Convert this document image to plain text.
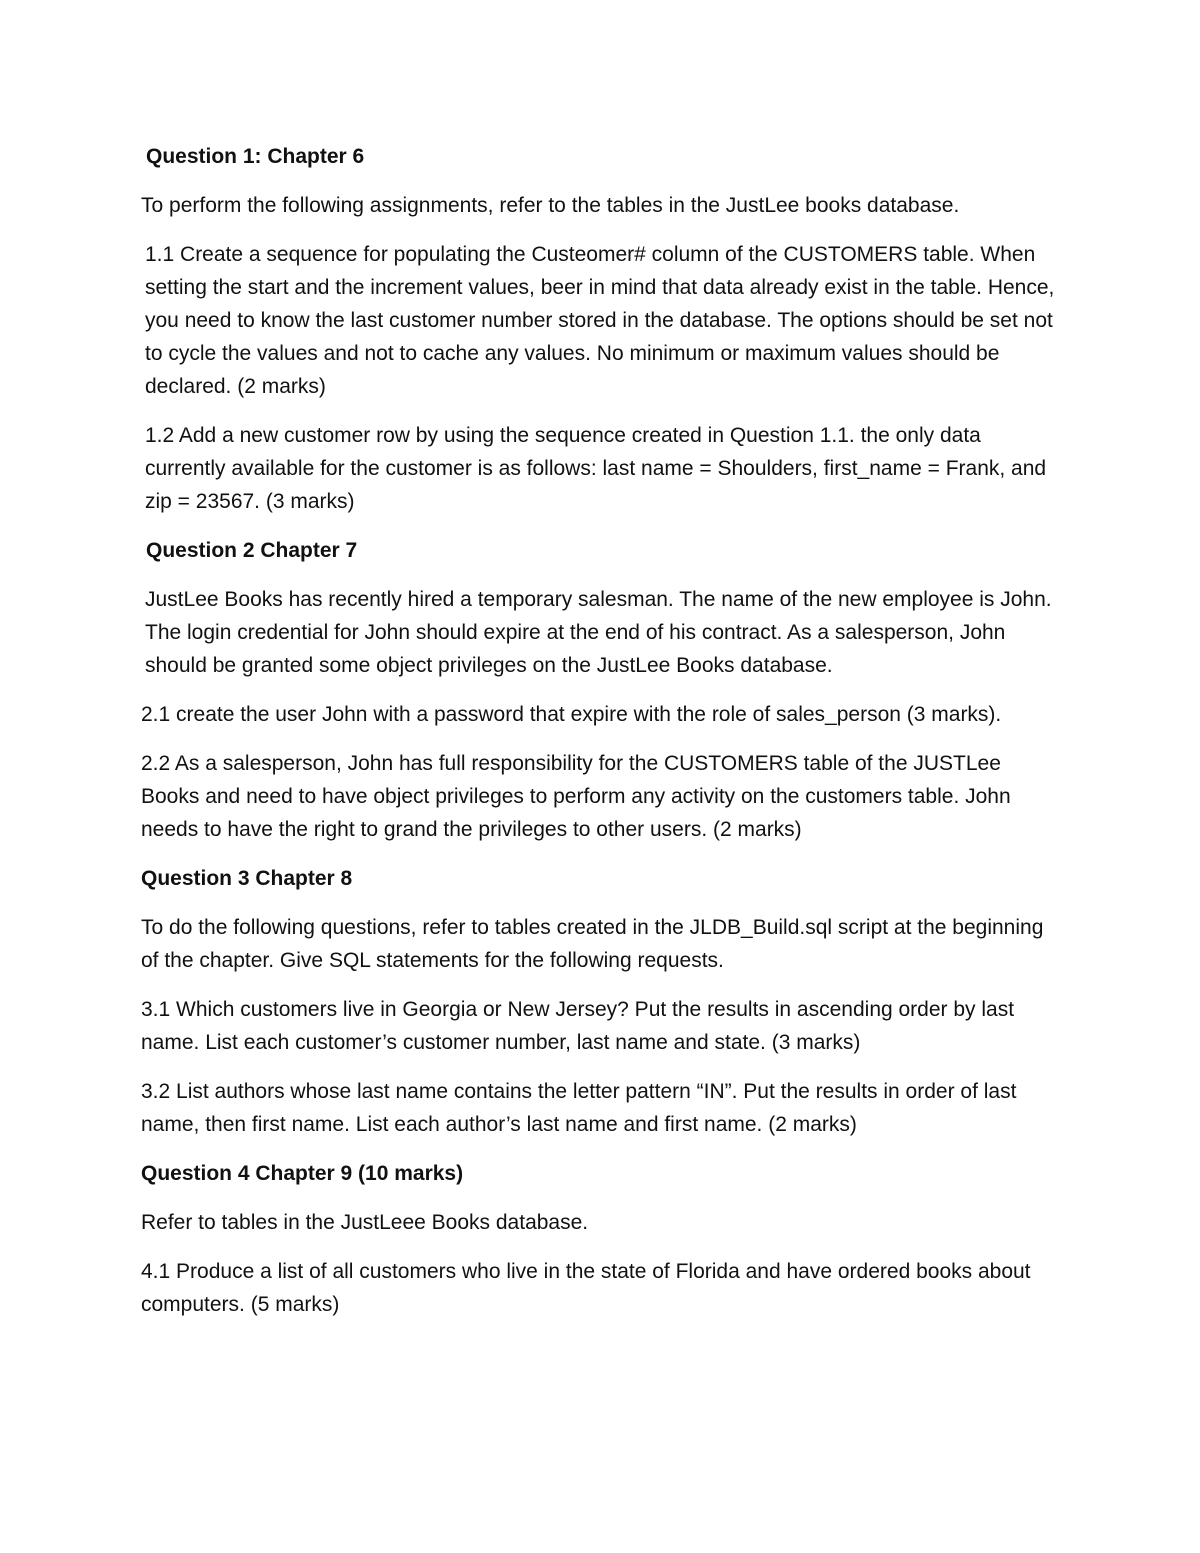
Question 1: Chapter 6
To perform the following assignments, refer to the tables in the JustLee books database.
1.1 Create a sequence for populating the Custeomer# column of the CUSTOMERS table. When setting the start and the increment values, beer in mind that data already exist in the table. Hence, you need to know the last customer number stored in the database. The options should be set not to cycle the values and not to cache any values. No minimum or maximum values should be declared. (2 marks)
1.2 Add a new customer row by using the sequence created in Question 1.1. the only data currently available for the customer is as follows: last name = Shoulders, first_name = Frank, and zip = 23567. (3 marks)
Question 2 Chapter 7
JustLee Books has recently hired a temporary salesman. The name of the new employee is John. The login credential for John should expire at the end of his contract. As a salesperson, John should be granted some object privileges on the JustLee Books database.
2.1 create the user John with a password that expire with the role of sales_person (3 marks).
2.2 As a salesperson, John has full responsibility for the CUSTOMERS table of the JUSTLee Books and need to have object privileges to perform any activity on the customers table. John needs to have the right to grand the privileges to other users. (2 marks)
Question 3 Chapter 8
To do the following questions, refer to tables created in the JLDB_Build.sql script at the beginning of the chapter. Give SQL statements for the following requests.
3.1 Which customers live in Georgia or New Jersey? Put the results in ascending order by last name. List each customer’s customer number, last name and state. (3 marks)
3.2 List authors whose last name contains the letter pattern “IN”. Put the results in order of last name, then first name. List each author’s last name and first name. (2 marks)
Question 4 Chapter 9 (10 marks)
Refer to tables in the JustLeee Books database.
4.1 Produce a list of all customers who live in the state of Florida and have ordered books about computers. (5 marks)
